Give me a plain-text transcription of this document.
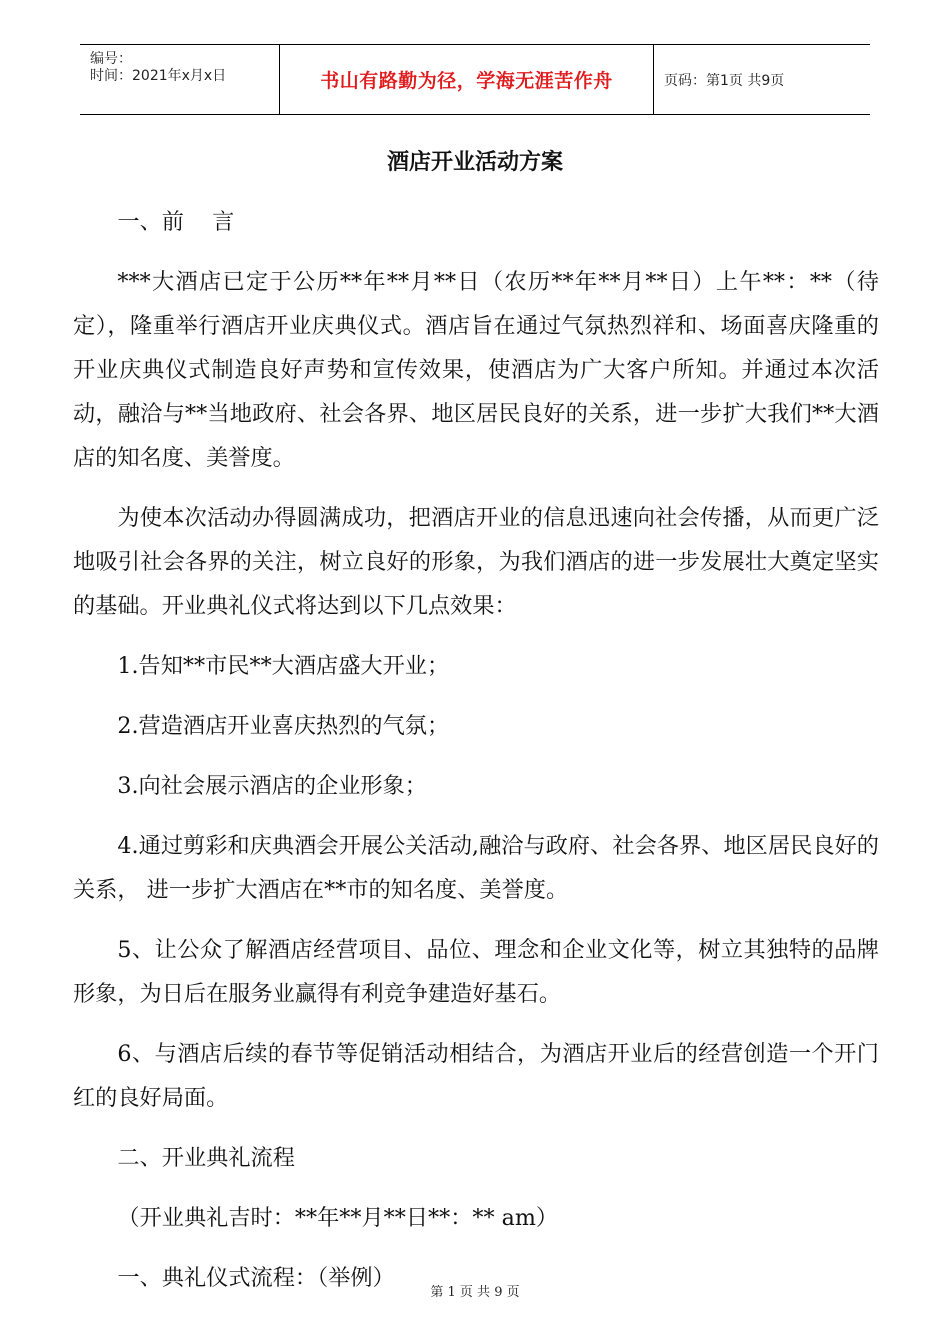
编号：
时间：2021年x月x日	书山有路勤为径，学海无涯苦作舟	页码：第1页 共9页
酒店开业活动方案

一、前    言

***大酒店已定于公历**年**月**日（农历**年**月**日）上午**：**（待定），隆重举行酒店开业庆典仪式。酒店旨在通过气氛热烈祥和、场面喜庆隆重的开业庆典仪式制造良好声势和宣传效果，使酒店为广大客户所知。并通过本次活动，融洽与**当地政府、社会各界、地区居民良好的关系，进一步扩大我们**大酒店的知名度、美誉度。

为使本次活动办得圆满成功，把酒店开业的信息迅速向社会传播，从而更广泛地吸引社会各界的关注，树立良好的形象，为我们酒店的进一步发展壮大奠定坚实的基础。开业典礼仪式将达到以下几点效果：

1.告知**市民**大酒店盛大开业；

2.营造酒店开业喜庆热烈的气氛；

3.向社会展示酒店的企业形象；

4.通过剪彩和庆典酒会开展公关活动,融洽与政府、社会各界、地区居民良好的关系， 进一步扩大酒店在**市的知名度、美誉度。

5、让公众了解酒店经营项目、品位、理念和企业文化等，树立其独特的品牌形象，为日后在服务业赢得有利竞争建造好基石。

6、与酒店后续的春节等促销活动相结合，为酒店开业后的经营创造一个开门红的良好局面。

二、开业典礼流程

（开业典礼吉时：**年**月**日**：** am）

一、典礼仪式流程：（举例）

第 1 页 共 9 页
